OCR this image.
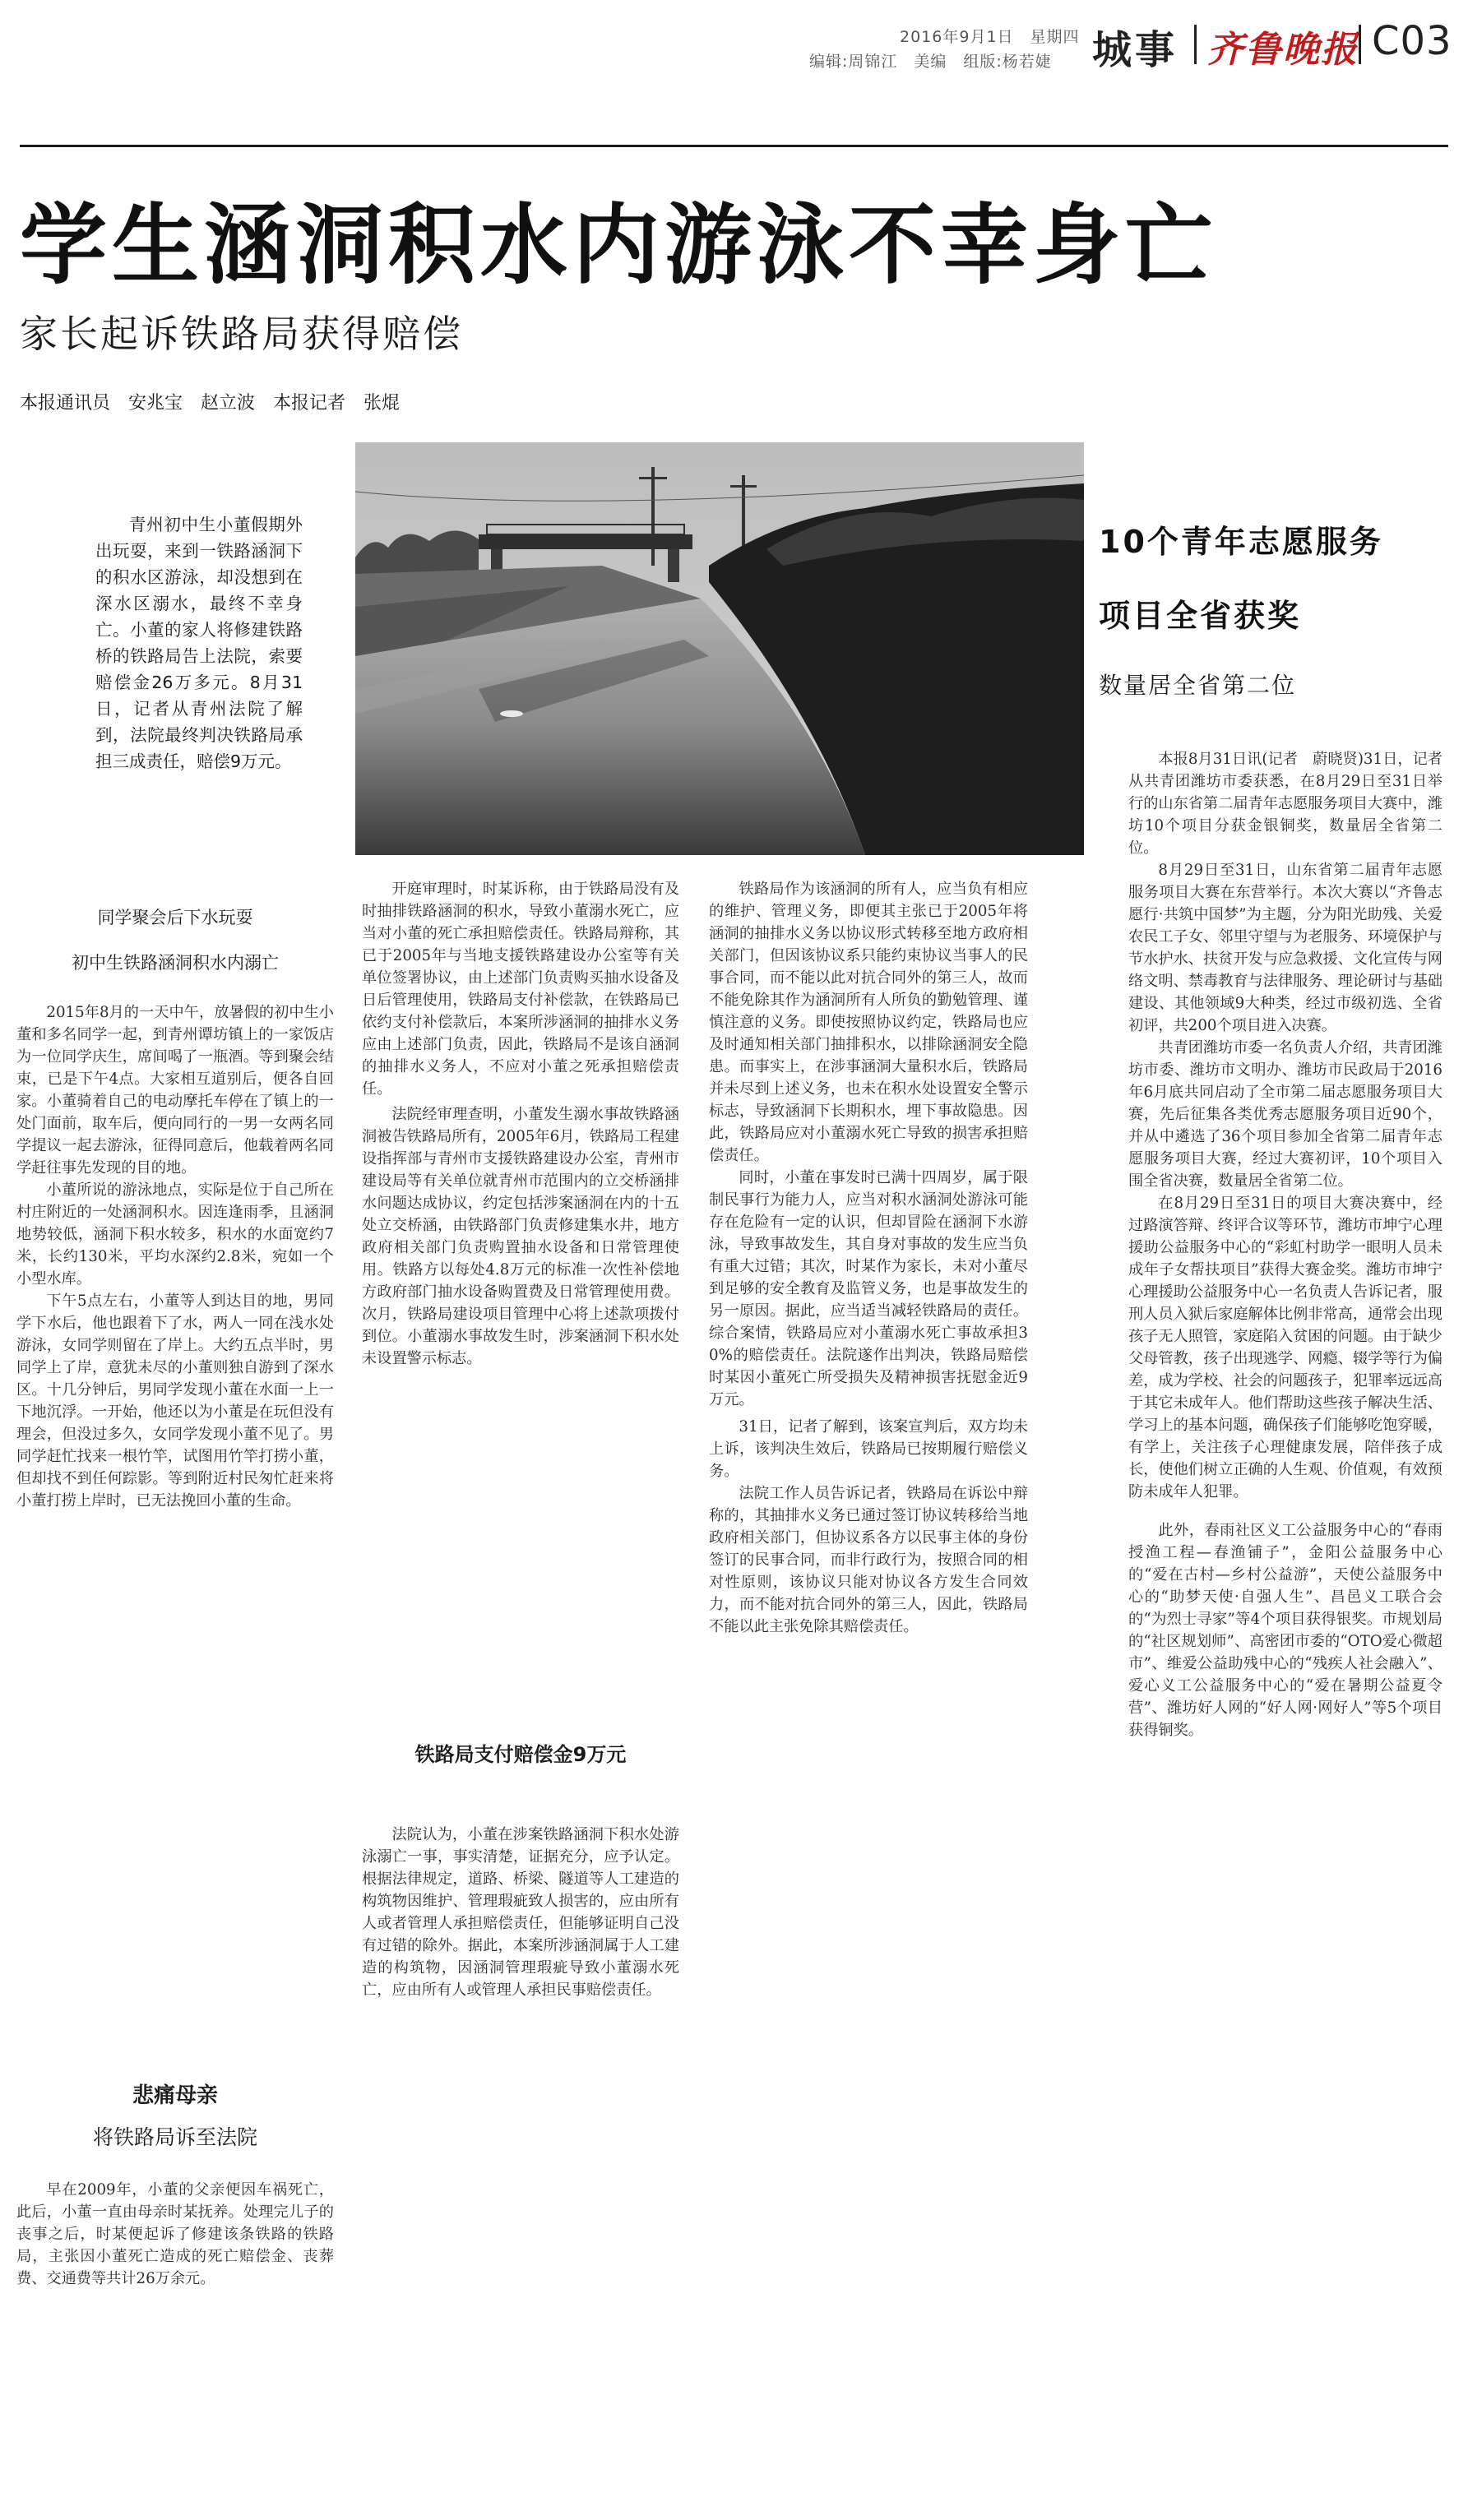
2016年9月1日　星期四
编辑:周锦江　美编　组版:杨若婕 城事 齐鲁晚报 C03
学生涵洞积水内游泳不幸身亡
家长起诉铁路局获得赔偿
本报通讯员　安兆宝　赵立波　本报记者　张焜

青州初中生小董假期外出玩耍，来到一铁路涵洞下的积水区游泳，却没想到在深水区溺水，最终不幸身亡。小董的家人将修建铁路桥的铁路局告上法院，索要赔偿金26万多元。8月31日，记者从青州法院了解到，法院最终判决铁路局承担三成责任，赔偿9万元。

同学聚会后下水玩耍
初中生铁路涵洞积水内溺亡

2015年8月的一天中午，放暑假的初中生小董和多名同学一起，到青州谭坊镇上的一家饭店为一位同学庆生，席间喝了一瓶酒。等到聚会结束，已是下午4点。大家相互道别后，便各自回家。小董骑着自己的电动摩托车停在了镇上的一处门面前，取车后，便向同行的一男一女两名同学提议一起去游泳，征得同意后，他载着两名同学赶往事先发现的目的地。

小董所说的游泳地点，实际是位于自己所在村庄附近的一处涵洞积水。因连逢雨季，且涵洞地势较低，涵洞下积水较多，积水的水面宽约7米，长约130米，平均水深约2.8米，宛如一个小型水库。

下午5点左右，小董等人到达目的地，男同学下水后，他也跟着下了水，两人一同在浅水处游泳，女同学则留在了岸上。大约五点半时，男同学上了岸，意犹未尽的小董则独自游到了深水区。十几分钟后，男同学发现小董在水面一上一下地沉浮。一开始，他还以为小董是在玩但没有理会，但没过多久，女同学发现小董不见了。男同学赶忙找来一根竹竿，试图用竹竿打捞小董，但却找不到任何踪影。等到附近村民匆忙赶来将小董打捞上岸时，已无法挽回小董的生命。

悲痛母亲
将铁路局诉至法院

早在2009年，小董的父亲便因车祸死亡，此后，小董一直由母亲时某抚养。处理完儿子的丧事之后，时某便起诉了修建该条铁路的铁路局，主张因小董死亡造成的死亡赔偿金、丧葬费、交通费等共计26万余元。

开庭审理时，时某诉称，由于铁路局没有及时抽排铁路涵洞的积水，导致小董溺水死亡，应当对小董的死亡承担赔偿责任。铁路局辩称，其已于2005年与当地支援铁路建设办公室等有关单位签署协议，由上述部门负责购买抽水设备及日后管理使用，铁路局支付补偿款，在铁路局已依约支付补偿款后，本案所涉涵洞的抽排水义务应由上述部门负责，因此，铁路局不是该自涵洞的抽排水义务人，不应对小董之死承担赔偿责任。

法院经审理查明，小董发生溺水事故铁路涵洞被告铁路局所有，2005年6月，铁路局工程建设指挥部与青州市支援铁路建设办公室，青州市建设局等有关单位就青州市范围内的立交桥涵排水问题达成协议，约定包括涉案涵洞在内的十五处立交桥涵，由铁路部门负责修建集水井，地方政府相关部门负责购置抽水设备和日常管理使用。铁路方以每处4.8万元的标准一次性补偿地方政府部门抽水设备购置费及日常管理使用费。次月，铁路局建设项目管理中心将上述款项拨付到位。小董溺水事故发生时，涉案涵洞下积水处未设置警示标志。

铁路局支付赔偿金9万元

法院认为，小董在涉案铁路涵洞下积水处游泳溺亡一事，事实清楚，证据充分，应予认定。根据法律规定，道路、桥梁、隧道等人工建造的构筑物因维护、管理瑕疵致人损害的，应由所有人或者管理人承担赔偿责任，但能够证明自己没有过错的除外。据此，本案所涉涵洞属于人工建造的构筑物，因涵洞管理瑕疵导致小董溺水死亡，应由所有人或管理人承担民事赔偿责任。

铁路局作为该涵洞的所有人，应当负有相应的维护、管理义务，即便其主张已于2005年将涵洞的抽排水义务以协议形式转移至地方政府相关部门，但因该协议系只能约束协议当事人的民事合同，而不能以此对抗合同外的第三人，故而不能免除其作为涵洞所有人所负的勤勉管理、谨慎注意的义务。即使按照协议约定，铁路局也应及时通知相关部门抽排积水，以排除涵洞安全隐患。而事实上，在涉事涵洞大量积水后，铁路局并未尽到上述义务，也未在积水处设置安全警示标志，导致涵洞下长期积水，埋下事故隐患。因此，铁路局应对小董溺水死亡导致的损害承担赔偿责任。

同时，小董在事发时已满十四周岁，属于限制民事行为能力人，应当对积水涵洞处游泳可能存在危险有一定的认识，但却冒险在涵洞下水游泳，导致事故发生，其自身对事故的发生应当负有重大过错；其次，时某作为家长，未对小董尽到足够的安全教育及监管义务，也是事故发生的另一原因。据此，应当适当减轻铁路局的责任。综合案情，铁路局应对小董溺水死亡事故承担30%的赔偿责任。法院遂作出判决，铁路局赔偿时某因小董死亡所受损失及精神损害抚慰金近9万元。

31日，记者了解到，该案宣判后，双方均未上诉，该判决生效后，铁路局已按期履行赔偿义务。

法院工作人员告诉记者，铁路局在诉讼中辩称的，其抽排水义务已通过签订协议转移给当地政府相关部门，但协议系各方以民事主体的身份签订的民事合同，而非行政行为，按照合同的相对性原则，该协议只能对协议各方发生合同效力，而不能对抗合同外的第三人，因此，铁路局不能以此主张免除其赔偿责任。

10个青年志愿服务
项目全省获奖
数量居全省第二位

本报8月31日讯(记者　蔚晓贤)31日，记者从共青团潍坊市委获悉，在8月29日至31日举行的山东省第二届青年志愿服务项目大赛中，潍坊10个项目分获金银铜奖，数量居全省第二位。

8月29日至31日，山东省第二届青年志愿服务项目大赛在东营举行。本次大赛以“齐鲁志愿行·共筑中国梦”为主题，分为阳光助残、关爱农民工子女、邻里守望与为老服务、环境保护与节水护水、扶贫开发与应急救援、文化宣传与网络文明、禁毒教育与法律服务、理论研讨与基础建设、其他领域9大种类，经过市级初选、全省初评，共200个项目进入决赛。

共青团潍坊市委一名负责人介绍，共青团潍坊市委、潍坊市文明办、潍坊市民政局于2016年6月底共同启动了全市第二届志愿服务项目大赛，先后征集各类优秀志愿服务项目近90个，并从中遴选了36个项目参加全省第二届青年志愿服务项目大赛，经过大赛初评，10个项目入围全省决赛，数量居全省第二位。

在8月29日至31日的项目大赛决赛中，经过路演答辩、终评合议等环节，潍坊市坤宁心理援助公益服务中心的“彩虹村助学一眼明人员未成年子女帮扶项目”获得大赛金奖。潍坊市坤宁心理援助公益服务中心一名负责人告诉记者，服刑人员入狱后家庭解体比例非常高，通常会出现孩子无人照管，家庭陷入贫困的问题。由于缺少父母管教，孩子出现逃学、网瘾、辍学等行为偏差，成为学校、社会的问题孩子，犯罪率远远高于其它未成年人。他们帮助这些孩子解决生活、学习上的基本问题，确保孩子们能够吃饱穿暖，有学上，关注孩子心理健康发展，陪伴孩子成长，使他们树立正确的人生观、价值观，有效预防未成年人犯罪。

此外，春雨社区义工公益服务中心的“春雨授渔工程—春渔铺子”，金阳公益服务中心的“爱在古村—乡村公益游”，天使公益服务中心的“助梦天使·自强人生”、昌邑义工联合会的“为烈士寻家”等4个项目获得银奖。市规划局的“社区规划师”、高密团市委的“OTO爱心微超市”、维爱公益助残中心的“残疾人社会融入”、爱心义工公益服务中心的“爱在暑期公益夏令营”、潍坊好人网的“好人网·网好人”等5个项目获得铜奖。
